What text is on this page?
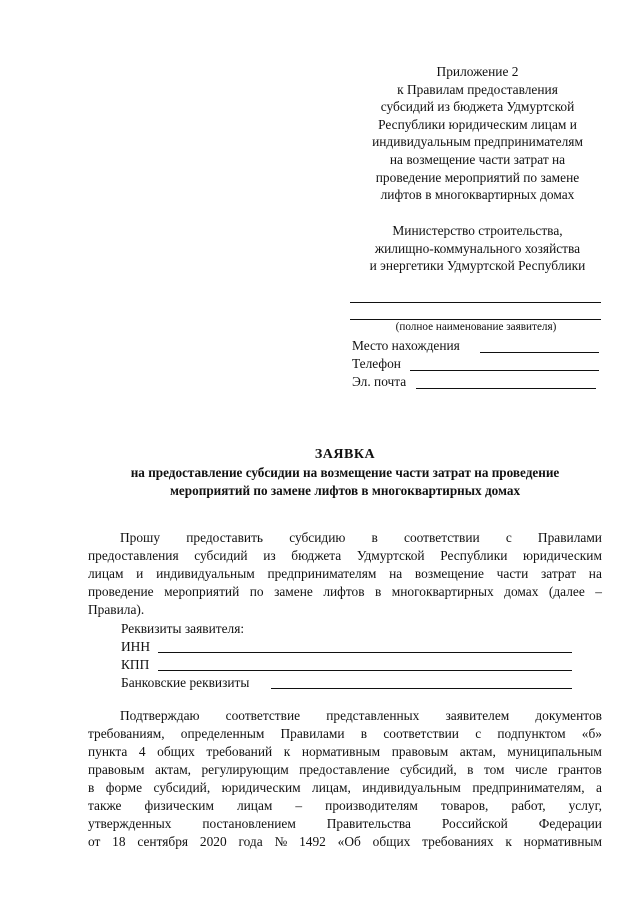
Приложение 2
к Правилам предоставления
субсидий из бюджета Удмуртской
Республики юридическим лицам и
индивидуальным предпринимателям
на возмещение части затрат на
проведение мероприятий по замене
лифтов в многоквартирных домах
Министерство строительства,
жилищно-коммунального хозяйства
и энергетики Удмуртской Республики
(полное наименование заявителя)
Место нахождения
Телефон
Эл. почта
ЗАЯВКА
на предоставление субсидии на возмещение части затрат на проведение
мероприятий по замене лифтов в многоквартирных домах
Прошу предоставить субсидию в соответствии с Правилами
предоставления субсидий из бюджета Удмуртской Республики юридическим
лицам и индивидуальным предпринимателям на возмещение части затрат на
проведение мероприятий по замене лифтов в многоквартирных домах (далее –
Правила).
Реквизиты заявителя:
ИНН
КПП
Банковские реквизиты
Подтверждаю соответствие представленных заявителем документов
требованиям, определенным Правилами в соответствии с подпунктом «б»
пункта 4 общих требований к нормативным правовым актам, муниципальным
правовым актам, регулирующим предоставление субсидий, в том числе грантов
в форме субсидий, юридическим лицам, индивидуальным предпринимателям, а
также физическим лицам – производителям товаров, работ, услуг,
утвержденных постановлением Правительства Российской Федерации
от 18 сентября 2020 года № 1492 «Об общих требованиях к нормативным
